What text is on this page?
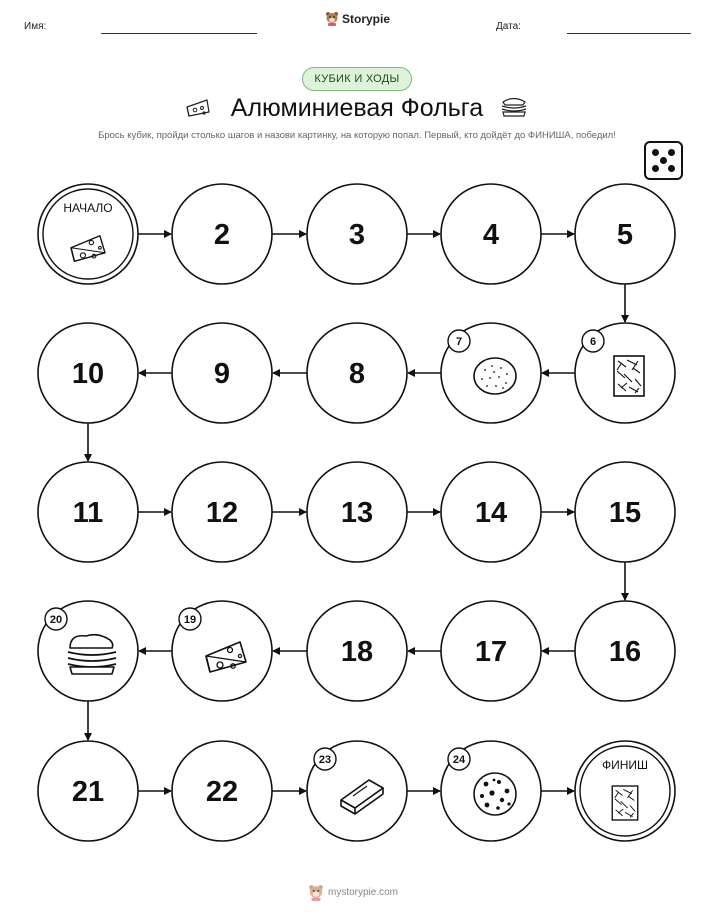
Имя:
Storypie
Дата:
КУБИК И ХОДЫ
Алюминиевая Фольга
Брось кубик, пройди столько шагов и назови картинку, на которую попал. Первый, кто дойдёт до ФИНИША, победил!
НАЧАЛО
2	3	4	5
6
7
8
9
10
11	12	13	14	15
16
17
18
19
20
21	22
23	24	ФИНИШ
mystorypie.com
